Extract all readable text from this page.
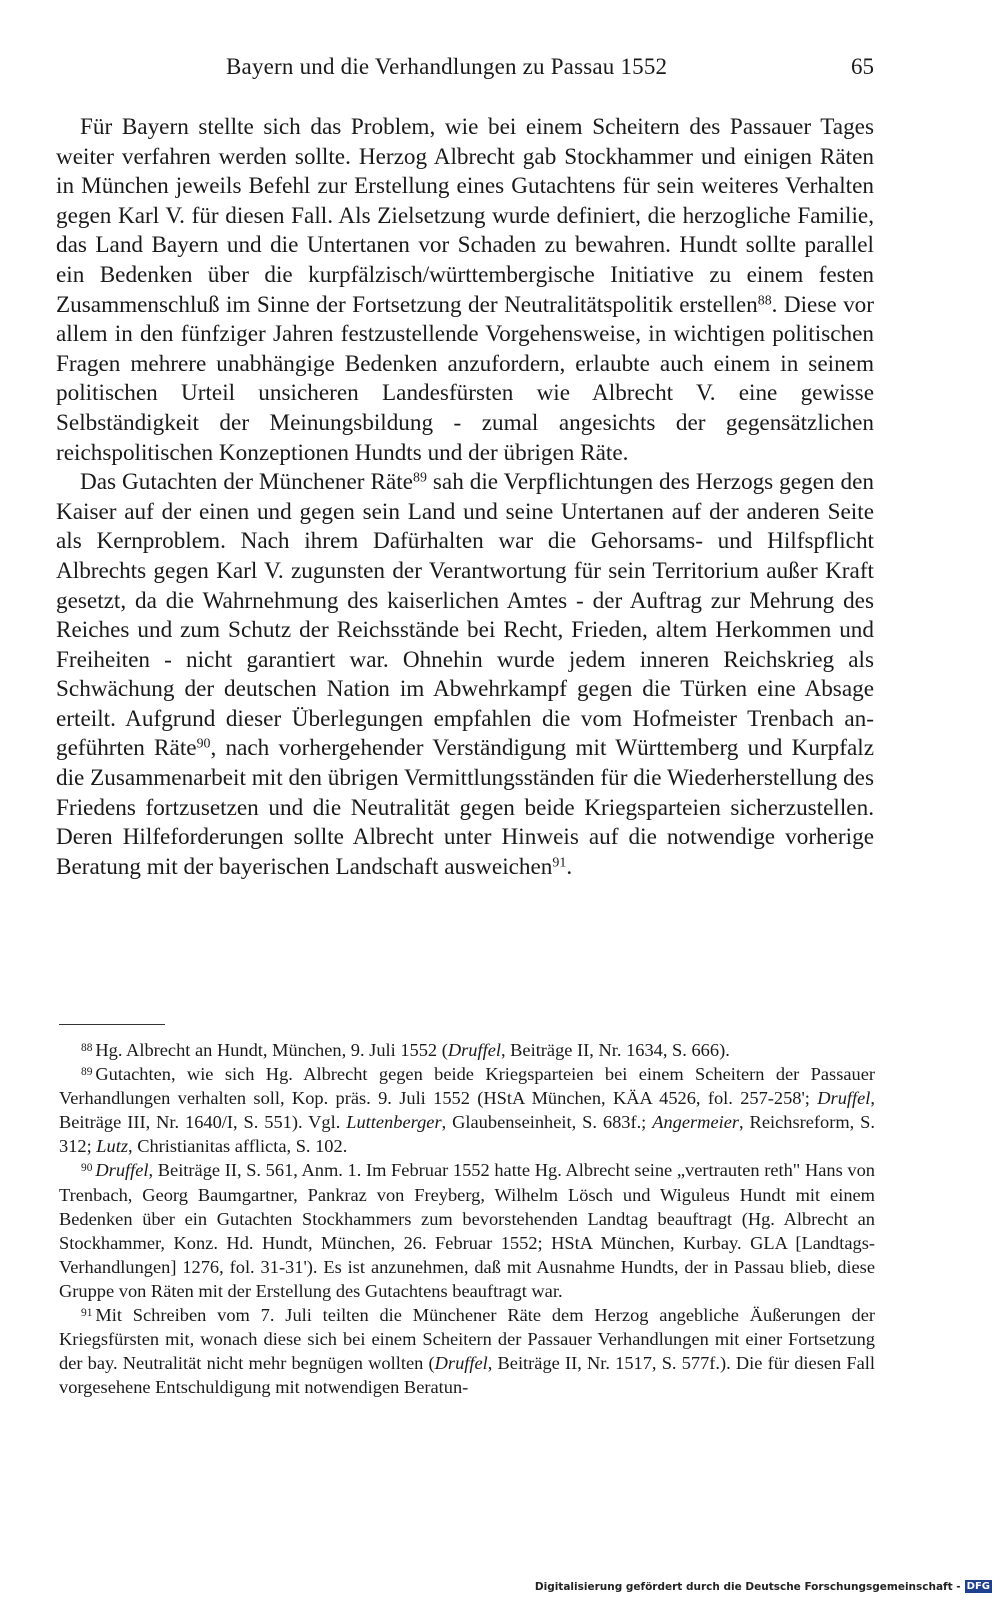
Bayern und die Verhandlungen zu Passau 1552	65

Für Bayern stellte sich das Problem, wie bei einem Scheitern des Passauer Tages weiter verfahren werden sollte. Herzog Albrecht gab Stockhammer und einigen Räten in München jeweils Befehl zur Erstellung eines Gutachtens für sein weiteres Verhalten gegen Karl V. für diesen Fall. Als Zielsetzung wurde definiert, die herzogliche Familie, das Land Bayern und die Untertanen vor Schaden zu bewahren. Hundt sollte parallel ein Bedenken über die kurpfälzisch/württembergische Initiative zu einem festen Zusammenschluß im Sinne der Fortsetzung der Neutralitätspolitik erstellen$^{88}$. Diese vor allem in den fünfziger Jahren festzustellende Vorgehensweise, in wichtigen politischen Fragen mehrere unabhängige Bedenken anzufordern, erlaubte auch einem in seinem politischen Urteil unsicheren Landesfürsten wie Albrecht V. eine gewisse Selbständigkeit der Meinungsbildung - zumal angesichts der gegensätzlichen reichspolitischen Konzeptionen Hundts und der übrigen Räte.

Das Gutachten der Münchener Räte$^{89}$ sah die Verpflichtungen des Herzogs gegen den Kaiser auf der einen und gegen sein Land und seine Untertanen auf der anderen Seite als Kernproblem. Nach ihrem Dafürhalten war die Gehorsams- und Hilfspflicht Albrechts gegen Karl V. zugunsten der Verantwortung für sein Territorium außer Kraft gesetzt, da die Wahrnehmung des kaiserlichen Amtes - der Auftrag zur Mehrung des Reiches und zum Schutz der Reichsstände bei Recht, Frieden, altem Herkommen und Freiheiten - nicht garantiert war. Ohnehin wurde jedem inneren Reichskrieg als Schwächung der deutschen Nation im Abwehrkampf gegen die Türken eine Absage erteilt. Aufgrund dieser Überlegungen empfahlen die vom Hofmeister Trenbach angeführten Räte$^{90}$, nach vorhergehender Verständigung mit Württemberg und Kurpfalz die Zusammenarbeit mit den übrigen Vermittlungsständen für die Wiederherstellung des Friedens fortzusetzen und die Neutralität gegen beide Kriegsparteien sicherzustellen. Deren Hilfeforderungen sollte Albrecht unter Hinweis auf die notwendige vorherige Beratung mit der bayerischen Landschaft ausweichen$^{91}$.

$^{88}$ Hg. Albrecht an Hundt, München, 9. Juli 1552 (Druffel, Beiträge II, Nr. 1634, S. 666).

$^{89}$ Gutachten, wie sich Hg. Albrecht gegen beide Kriegsparteien bei einem Scheitern der Passauer Verhandlungen verhalten soll, Kop. präs. 9. Juli 1552 (HStA München, KÄA 4526, fol. 257-258'; Druffel, Beiträge III, Nr. 1640/I, S. 551). Vgl. Luttenberger, Glaubenseinheit, S. 683f.; Angermeier, Reichsreform, S. 312; Lutz, Christianitas afflicta, S. 102.

$^{90}$ Druffel, Beiträge II, S. 561, Anm. 1. Im Februar 1552 hatte Hg. Albrecht seine „vertrauten reth" Hans von Trenbach, Georg Baumgartner, Pankraz von Freyberg, Wilhelm Lösch und Wiguleus Hundt mit einem Bedenken über ein Gutachten Stockhammers zum bevorstehenden Landtag beauftragt (Hg. Albrecht an Stockhammer, Konz. Hd. Hundt, München, 26. Februar 1552; HStA München, Kurbay. GLA [Landtags-Verhandlungen] 1276, fol. 31-31'). Es ist anzunehmen, daß mit Ausnahme Hundts, der in Passau blieb, diese Gruppe von Räten mit der Erstellung des Gutachtens beauftragt war.

$^{91}$ Mit Schreiben vom 7. Juli teilten die Münchener Räte dem Herzog angebliche Äußerungen der Kriegsfürsten mit, wonach diese sich bei einem Scheitern der Passauer Verhandlungen mit einer Fortsetzung der bay. Neutralität nicht mehr begnügen wollten (Druffel, Beiträge II, Nr. 1517, S. 577f.). Die für diesen Fall vorgesehene Entschuldigung mit notwendigen Beratun-

Digitalisierung gefördert durch die Deutsche Forschungsgemeinschaft - DFG
